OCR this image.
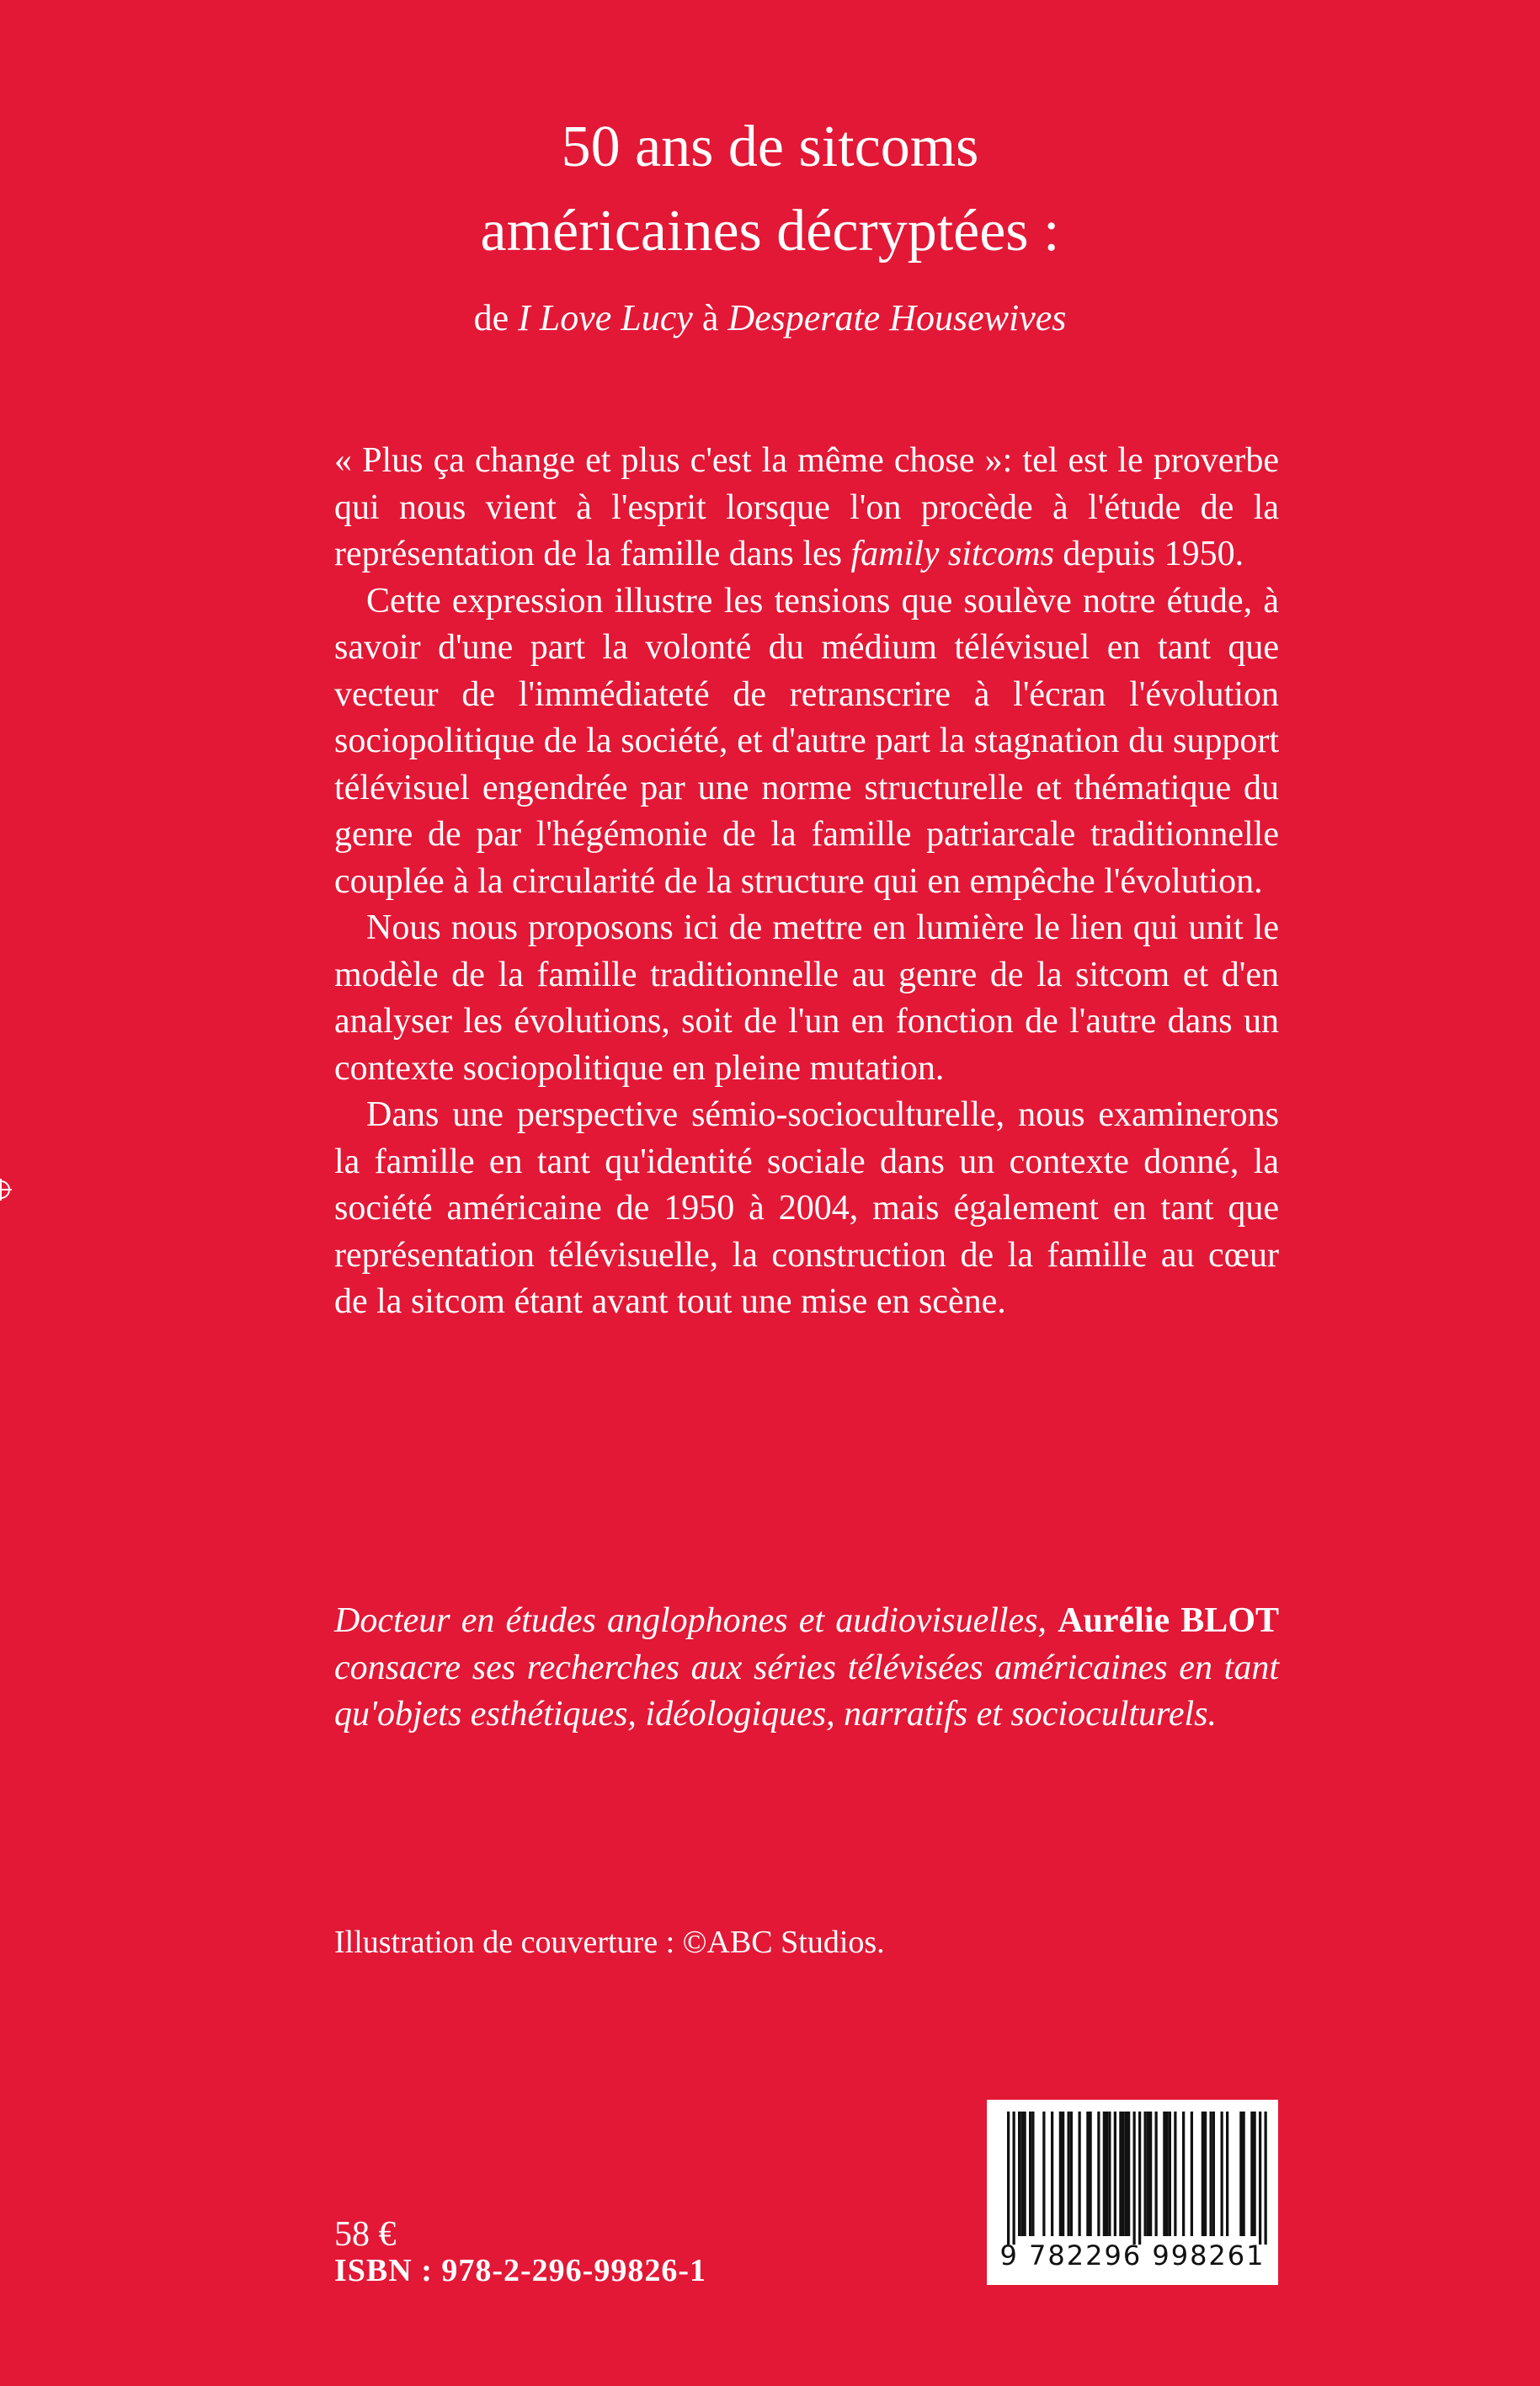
50 ans de sitcoms
américaines décryptées :
de I Love Lucy à Desperate Housewives

« Plus ça change et plus c'est la même chose »: tel est le proverbe qui nous vient à l'esprit lorsque l'on procède à l'étude de la représentation de la famille dans les family sitcoms depuis 1950.

Cette expression illustre les tensions que soulève notre étude, à savoir d'une part la volonté du médium télévisuel en tant que vecteur de l'immédiateté de retranscrire à l'écran l'évolution sociopolitique de la société, et d'autre part la stagnation du support télévisuel engendrée par une norme structurelle et thématique du genre de par l'hégémonie de la famille patriarcale traditionnelle couplée à la circularité de la structure qui en empêche l'évolution.

Nous nous proposons ici de mettre en lumière le lien qui unit le modèle de la famille traditionnelle au genre de la sitcom et d'en analyser les évolutions, soit de l'un en fonction de l'autre dans un contexte sociopolitique en pleine mutation.

Dans une perspective sémio-socioculturelle, nous examinerons la famille en tant qu'identité sociale dans un contexte donné, la société américaine de 1950 à 2004, mais également en tant que représentation télévisuelle, la construction de la famille au cœur de la sitcom étant avant tout une mise en scène.

Docteur en études anglophones et audiovisuelles, Aurélie BLOT consacre ses recherches aux séries télévisées américaines en tant qu'objets esthétiques, idéologiques, narratifs et socioculturels.
Illustration de couverture : ©ABC Studios.
9 782296 998261
58 €
ISBN : 978-2-296-99826-1
